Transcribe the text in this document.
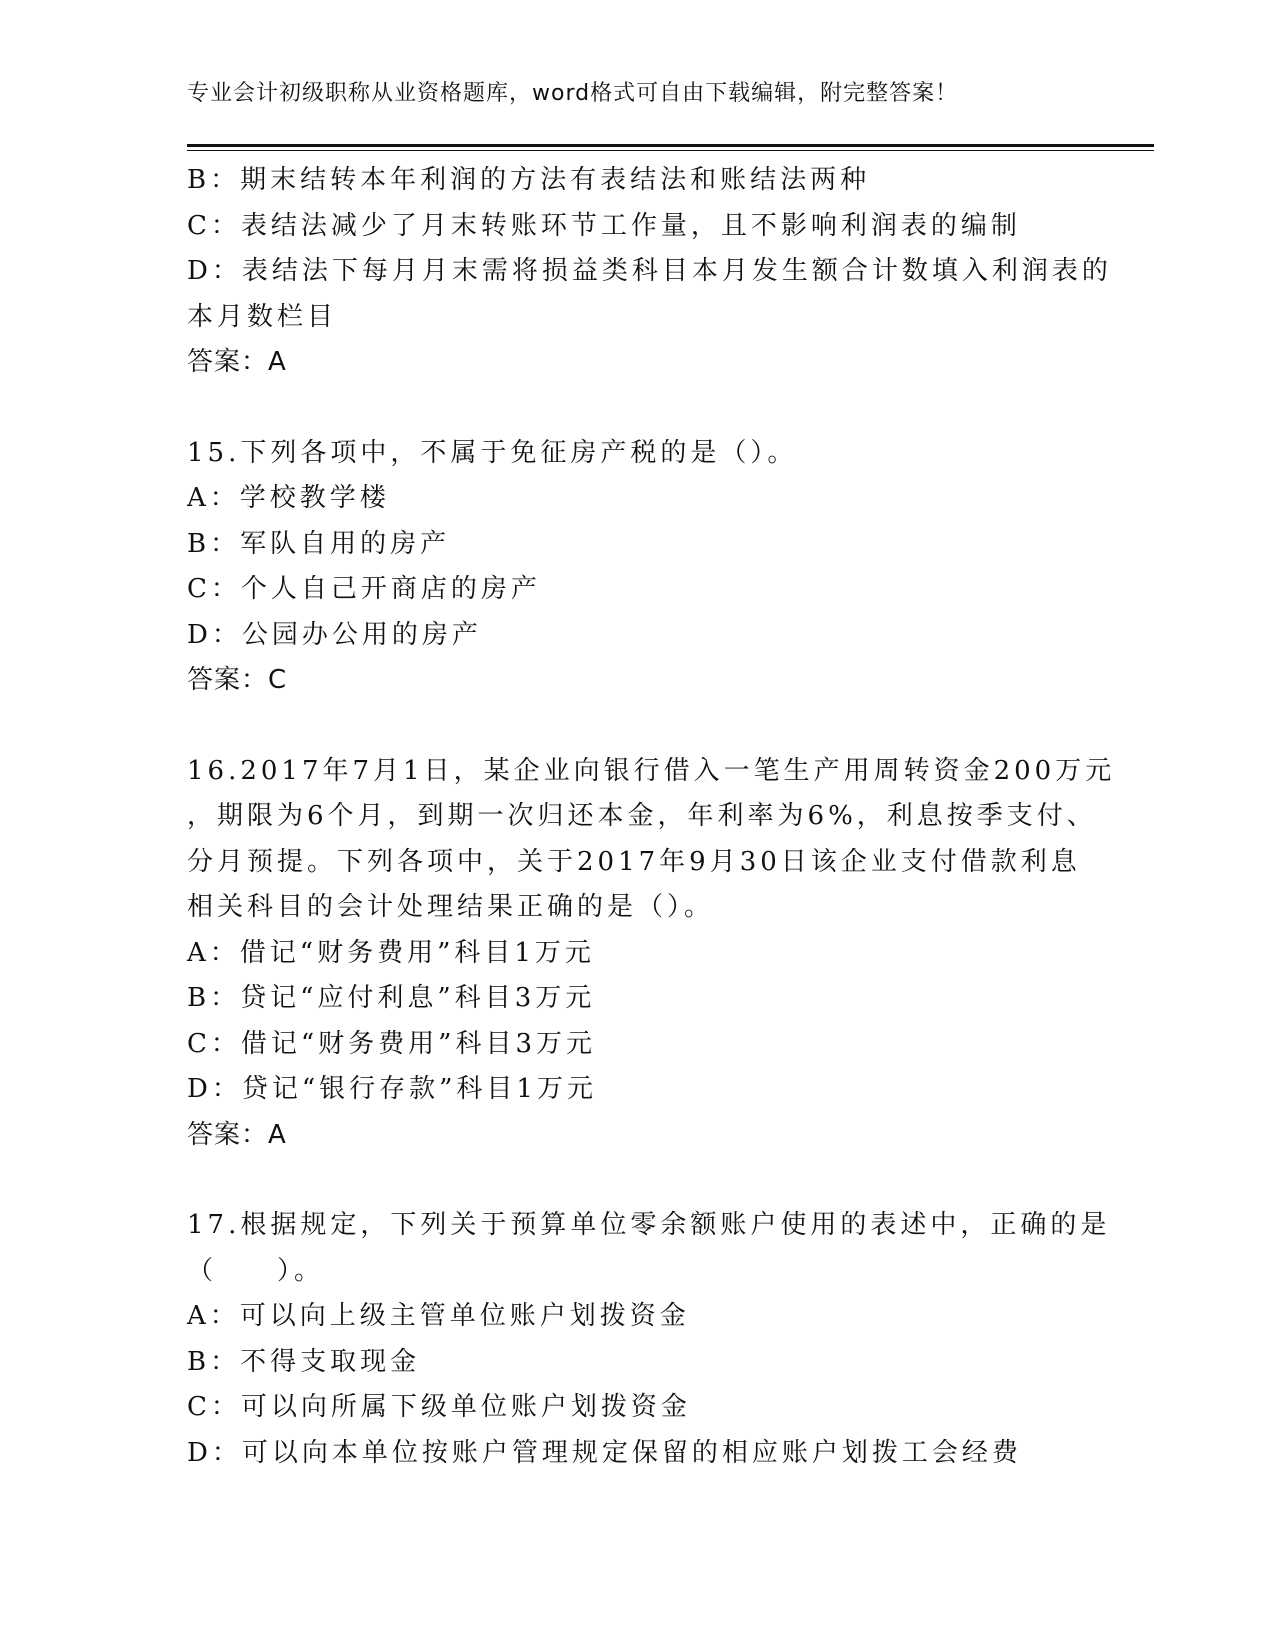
专业会计初级职称从业资格题库，word格式可自由下载编辑，附完整答案！
B：期末结转本年利润的方法有表结法和账结法两种
C：表结法减少了月末转账环节工作量，且不影响利润表的编制
D：表结法下每月月末需将损益类科目本月发生额合计数填入利润表的
本月数栏目
答案：A
15.下列各项中，不属于免征房产税的是（）。
A：学校教学楼
B：军队自用的房产
C：个人自己开商店的房产
D：公园办公用的房产
答案：C
16.2017年7月1日，某企业向银行借入一笔生产用周转资金200万元
，期限为6个月，到期一次归还本金，年利率为6%，利息按季支付、
分月预提。下列各项中，关于2017年9月30日该企业支付借款利息
相关科目的会计处理结果正确的是（）。
A：借记“财务费用”科目1万元
B：贷记“应付利息”科目3万元
C：借记“财务费用”科目3万元
D：贷记“银行存款”科目1万元
答案：A
17.根据规定，下列关于预算单位零余额账户使用的表述中，正确的是
（　　）。
A：可以向上级主管单位账户划拨资金
B：不得支取现金
C：可以向所属下级单位账户划拨资金
D：可以向本单位按账户管理规定保留的相应账户划拨工会经费
